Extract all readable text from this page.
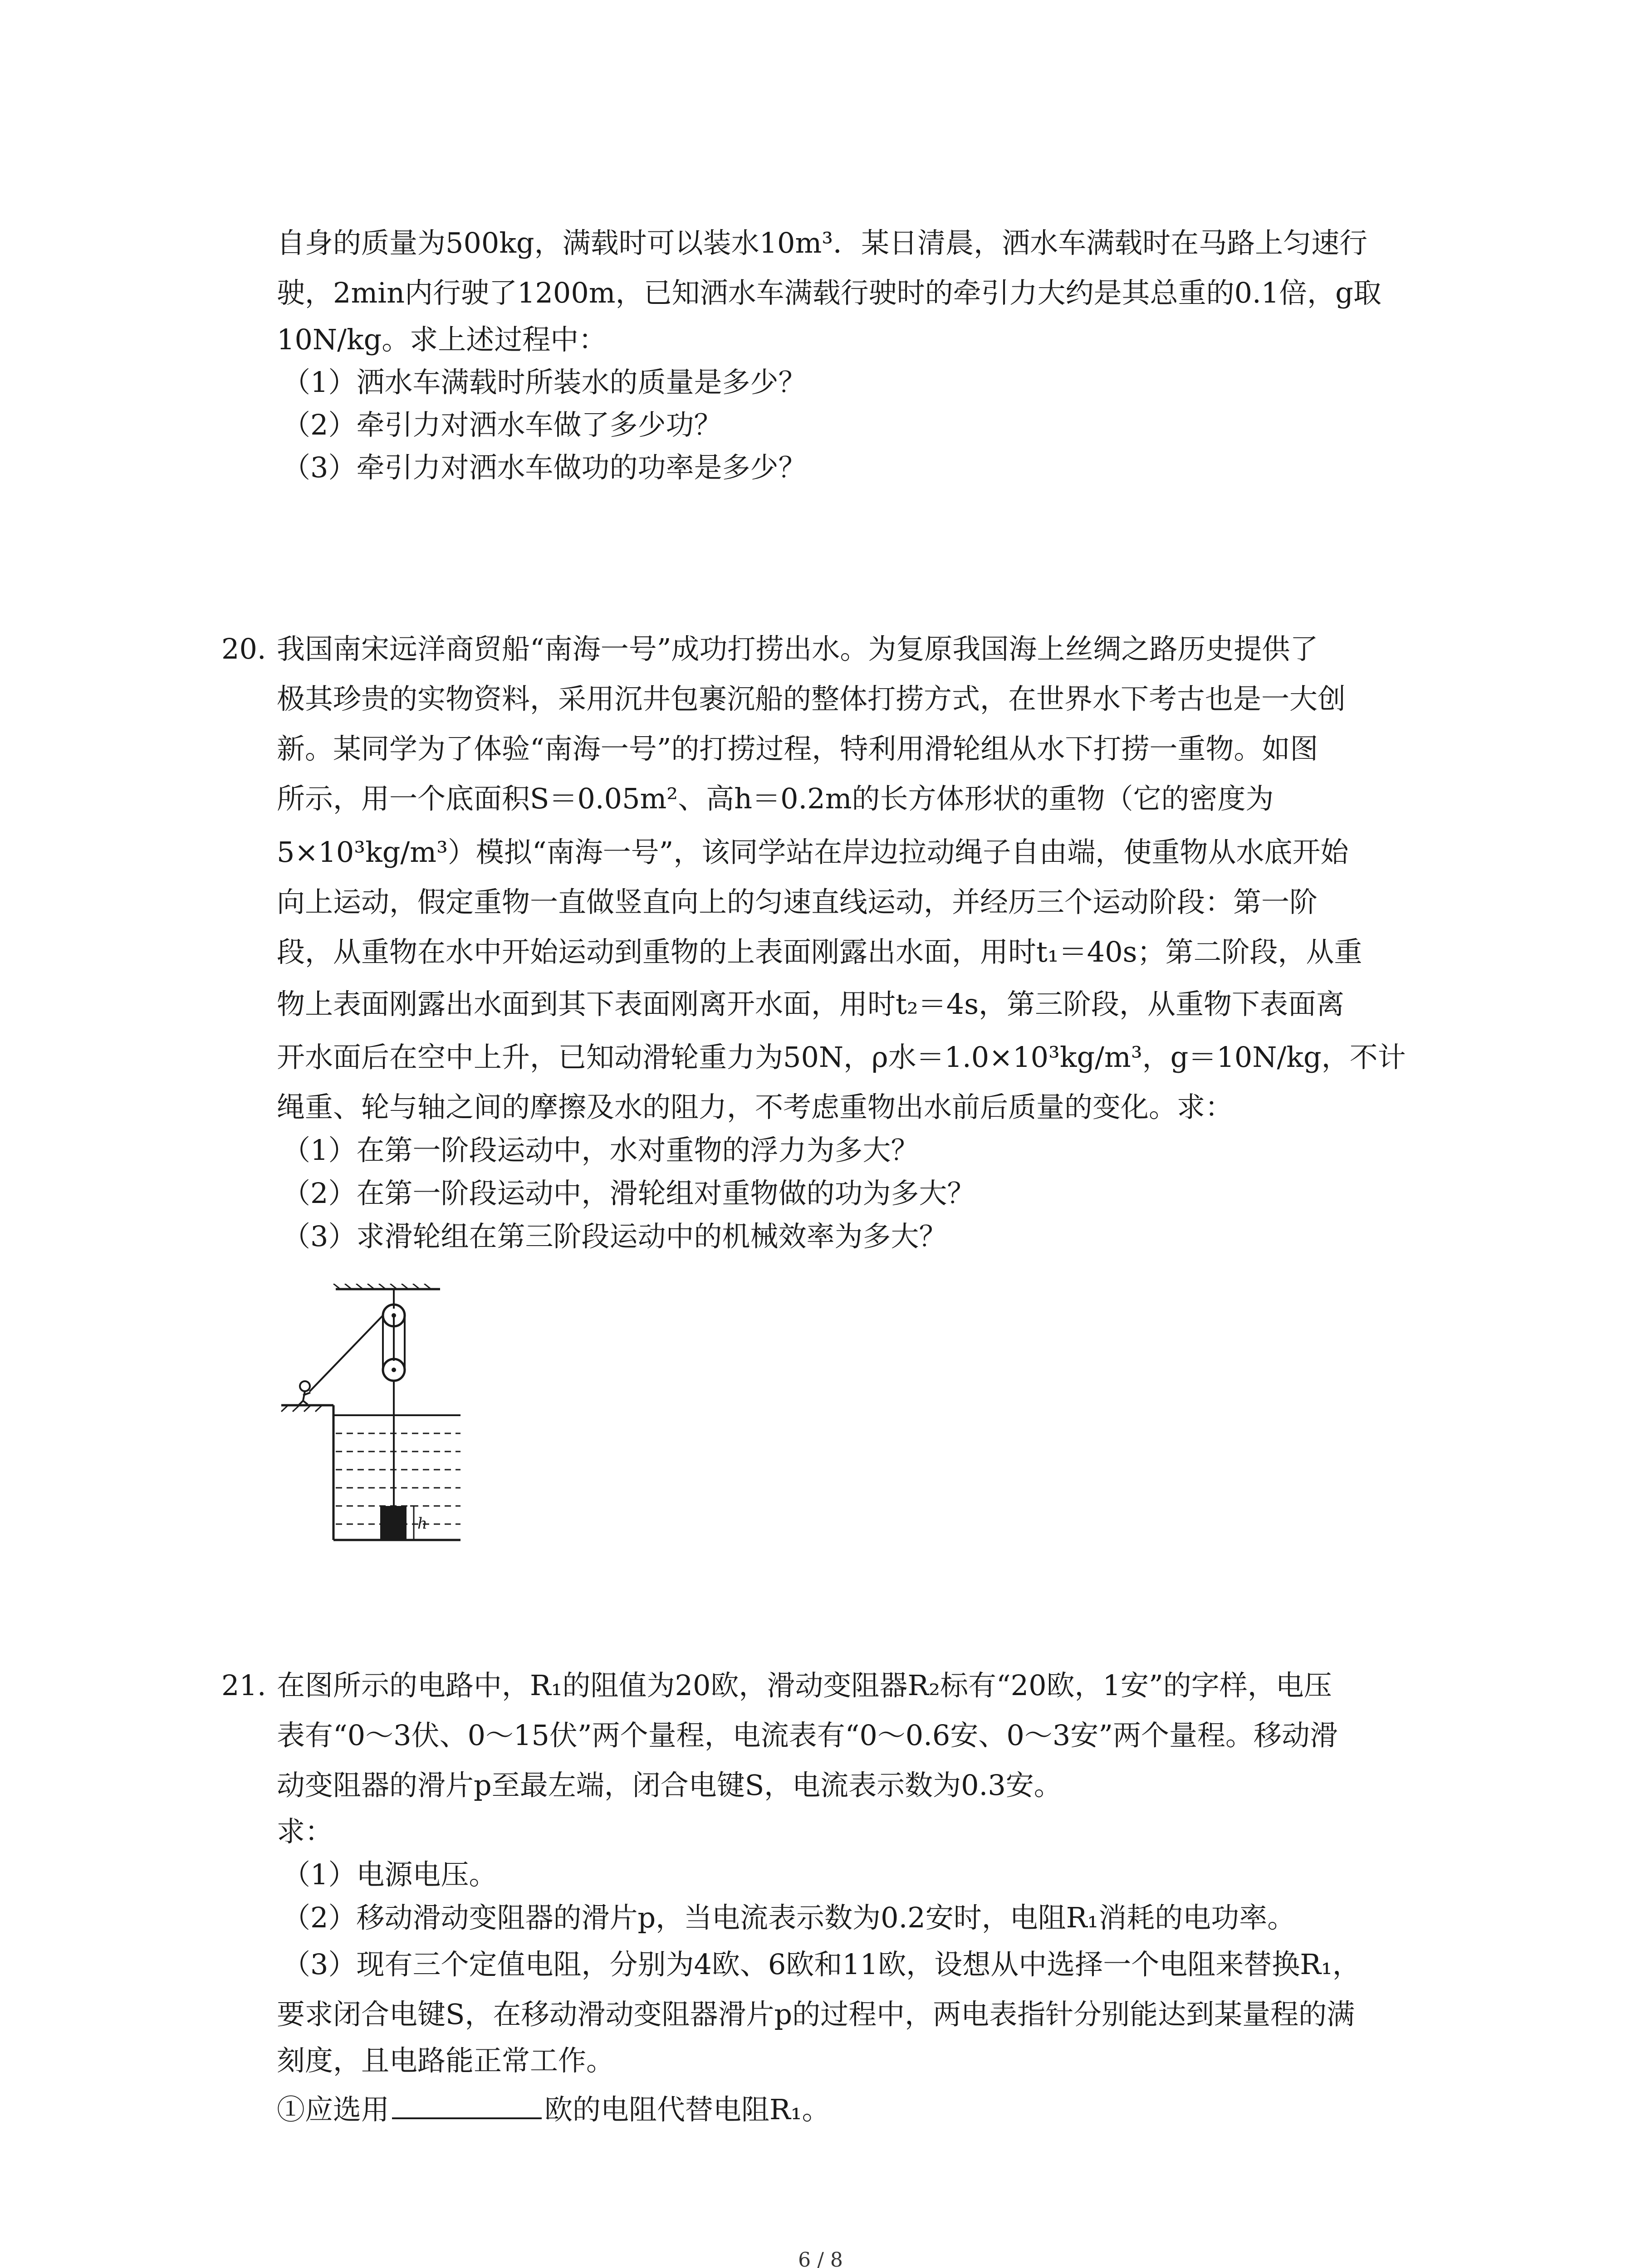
自身的质量为500kg，满载时可以装水10m³．某日清晨，洒水车满载时在马路上匀速行
驶，2min内行驶了1200m，已知洒水车满载行驶时的牵引力大约是其总重的0.1倍，g取
10N/kg。求上述过程中：
（1）洒水车满载时所装水的质量是多少？
（2）牵引力对洒水车做了多少功？
（3）牵引力对洒水车做功的功率是多少？
20. 我国南宋远洋商贸船“南海一号”成功打捞出水。为复原我国海上丝绸之路历史提供了
极其珍贵的实物资料，采用沉井包裹沉船的整体打捞方式，在世界水下考古也是一大创
新。某同学为了体验“南海一号”的打捞过程，特利用滑轮组从水下打捞一重物。如图
所示，用一个底面积S＝0.05m²、高h＝0.2m的长方体形状的重物（它的密度为
5×10³kg/m³）模拟“南海一号”，该同学站在岸边拉动绳子自由端，使重物从水底开始
向上运动，假定重物一直做竖直向上的匀速直线运动，并经历三个运动阶段：第一阶
段，从重物在水中开始运动到重物的上表面刚露出水面，用时t₁＝40s；第二阶段，从重
物上表面刚露出水面到其下表面刚离开水面，用时t₂＝4s，第三阶段，从重物下表面离
开水面后在空中上升，已知动滑轮重力为50N，ρ水＝1.0×10³kg/m³，g＝10N/kg，不计
绳重、轮与轴之间的摩擦及水的阻力，不考虑重物出水前后质量的变化。求：
（1）在第一阶段运动中，水对重物的浮力为多大？
（2）在第一阶段运动中，滑轮组对重物做的功为多大？
（3）求滑轮组在第三阶段运动中的机械效率为多大？
h
21. 在图所示的电路中，R₁的阻值为20欧，滑动变阻器R₂标有“20欧，1安”的字样，电压
表有“0～3伏、0～15伏”两个量程，电流表有“0～0.6安、0～3安”两个量程。移动滑
动变阻器的滑片p至最左端，闭合电键S，电流表示数为0.3安。
求：
（1）电源电压。
（2）移动滑动变阻器的滑片p，当电流表示数为0.2安时，电阻R₁消耗的电功率。
（3）现有三个定值电阻，分别为4欧、6欧和11欧，设想从中选择一个电阻来替换R₁，
要求闭合电键S，在移动滑动变阻器滑片p的过程中，两电表指针分别能达到某量程的满
刻度，且电路能正常工作。
①应选用	欧的电阻代替电阻R₁。
6 / 8
